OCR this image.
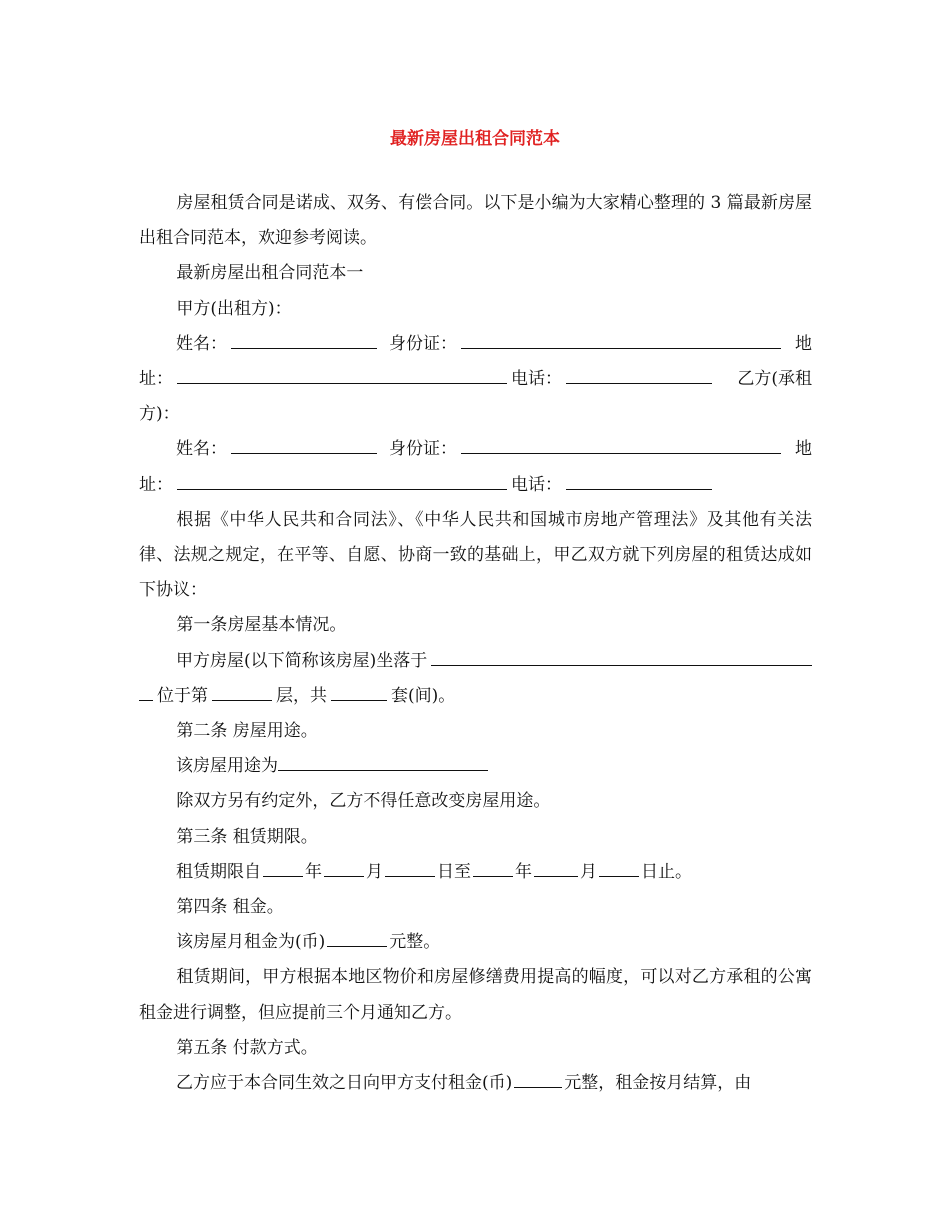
最新房屋出租合同范本

房屋租赁合同是诺成、双务、有偿合同。以下是小编为大家精心整理的 3 篇最新房屋出租合同范本，欢迎参考阅读。

最新房屋出租合同范本一

甲方(出租方)：

姓名：	身份证：	地
址：	电话：	乙方(承租
方)：
姓名：	身份证：	地
址：	电话：

根据《中华人民共和合同法》、《中华人民共和国城市房地产管理法》及其他有关法律、法规之规定，在平等、自愿、协商一致的基础上，甲乙双方就下列房屋的租赁达成如下协议：

第一条房屋基本情况。

甲方房屋(以下简称该房屋)坐落于
位于第	层，共	套(间)。

第二条 房屋用途。

该房屋用途为

除双方另有约定外，乙方不得任意改变房屋用途。

第三条 租赁期限。

租赁期限自	年	月	日至	年	月	日止。

第四条 租金。

该房屋月租金为(币)	元整。

租赁期间，甲方根据本地区物价和房屋修缮费用提高的幅度，可以对乙方承租的公寓租金进行调整，但应提前三个月通知乙方。

第五条 付款方式。

乙方应于本合同生效之日向甲方支付租金(币)	元整，租金按月结算，由
